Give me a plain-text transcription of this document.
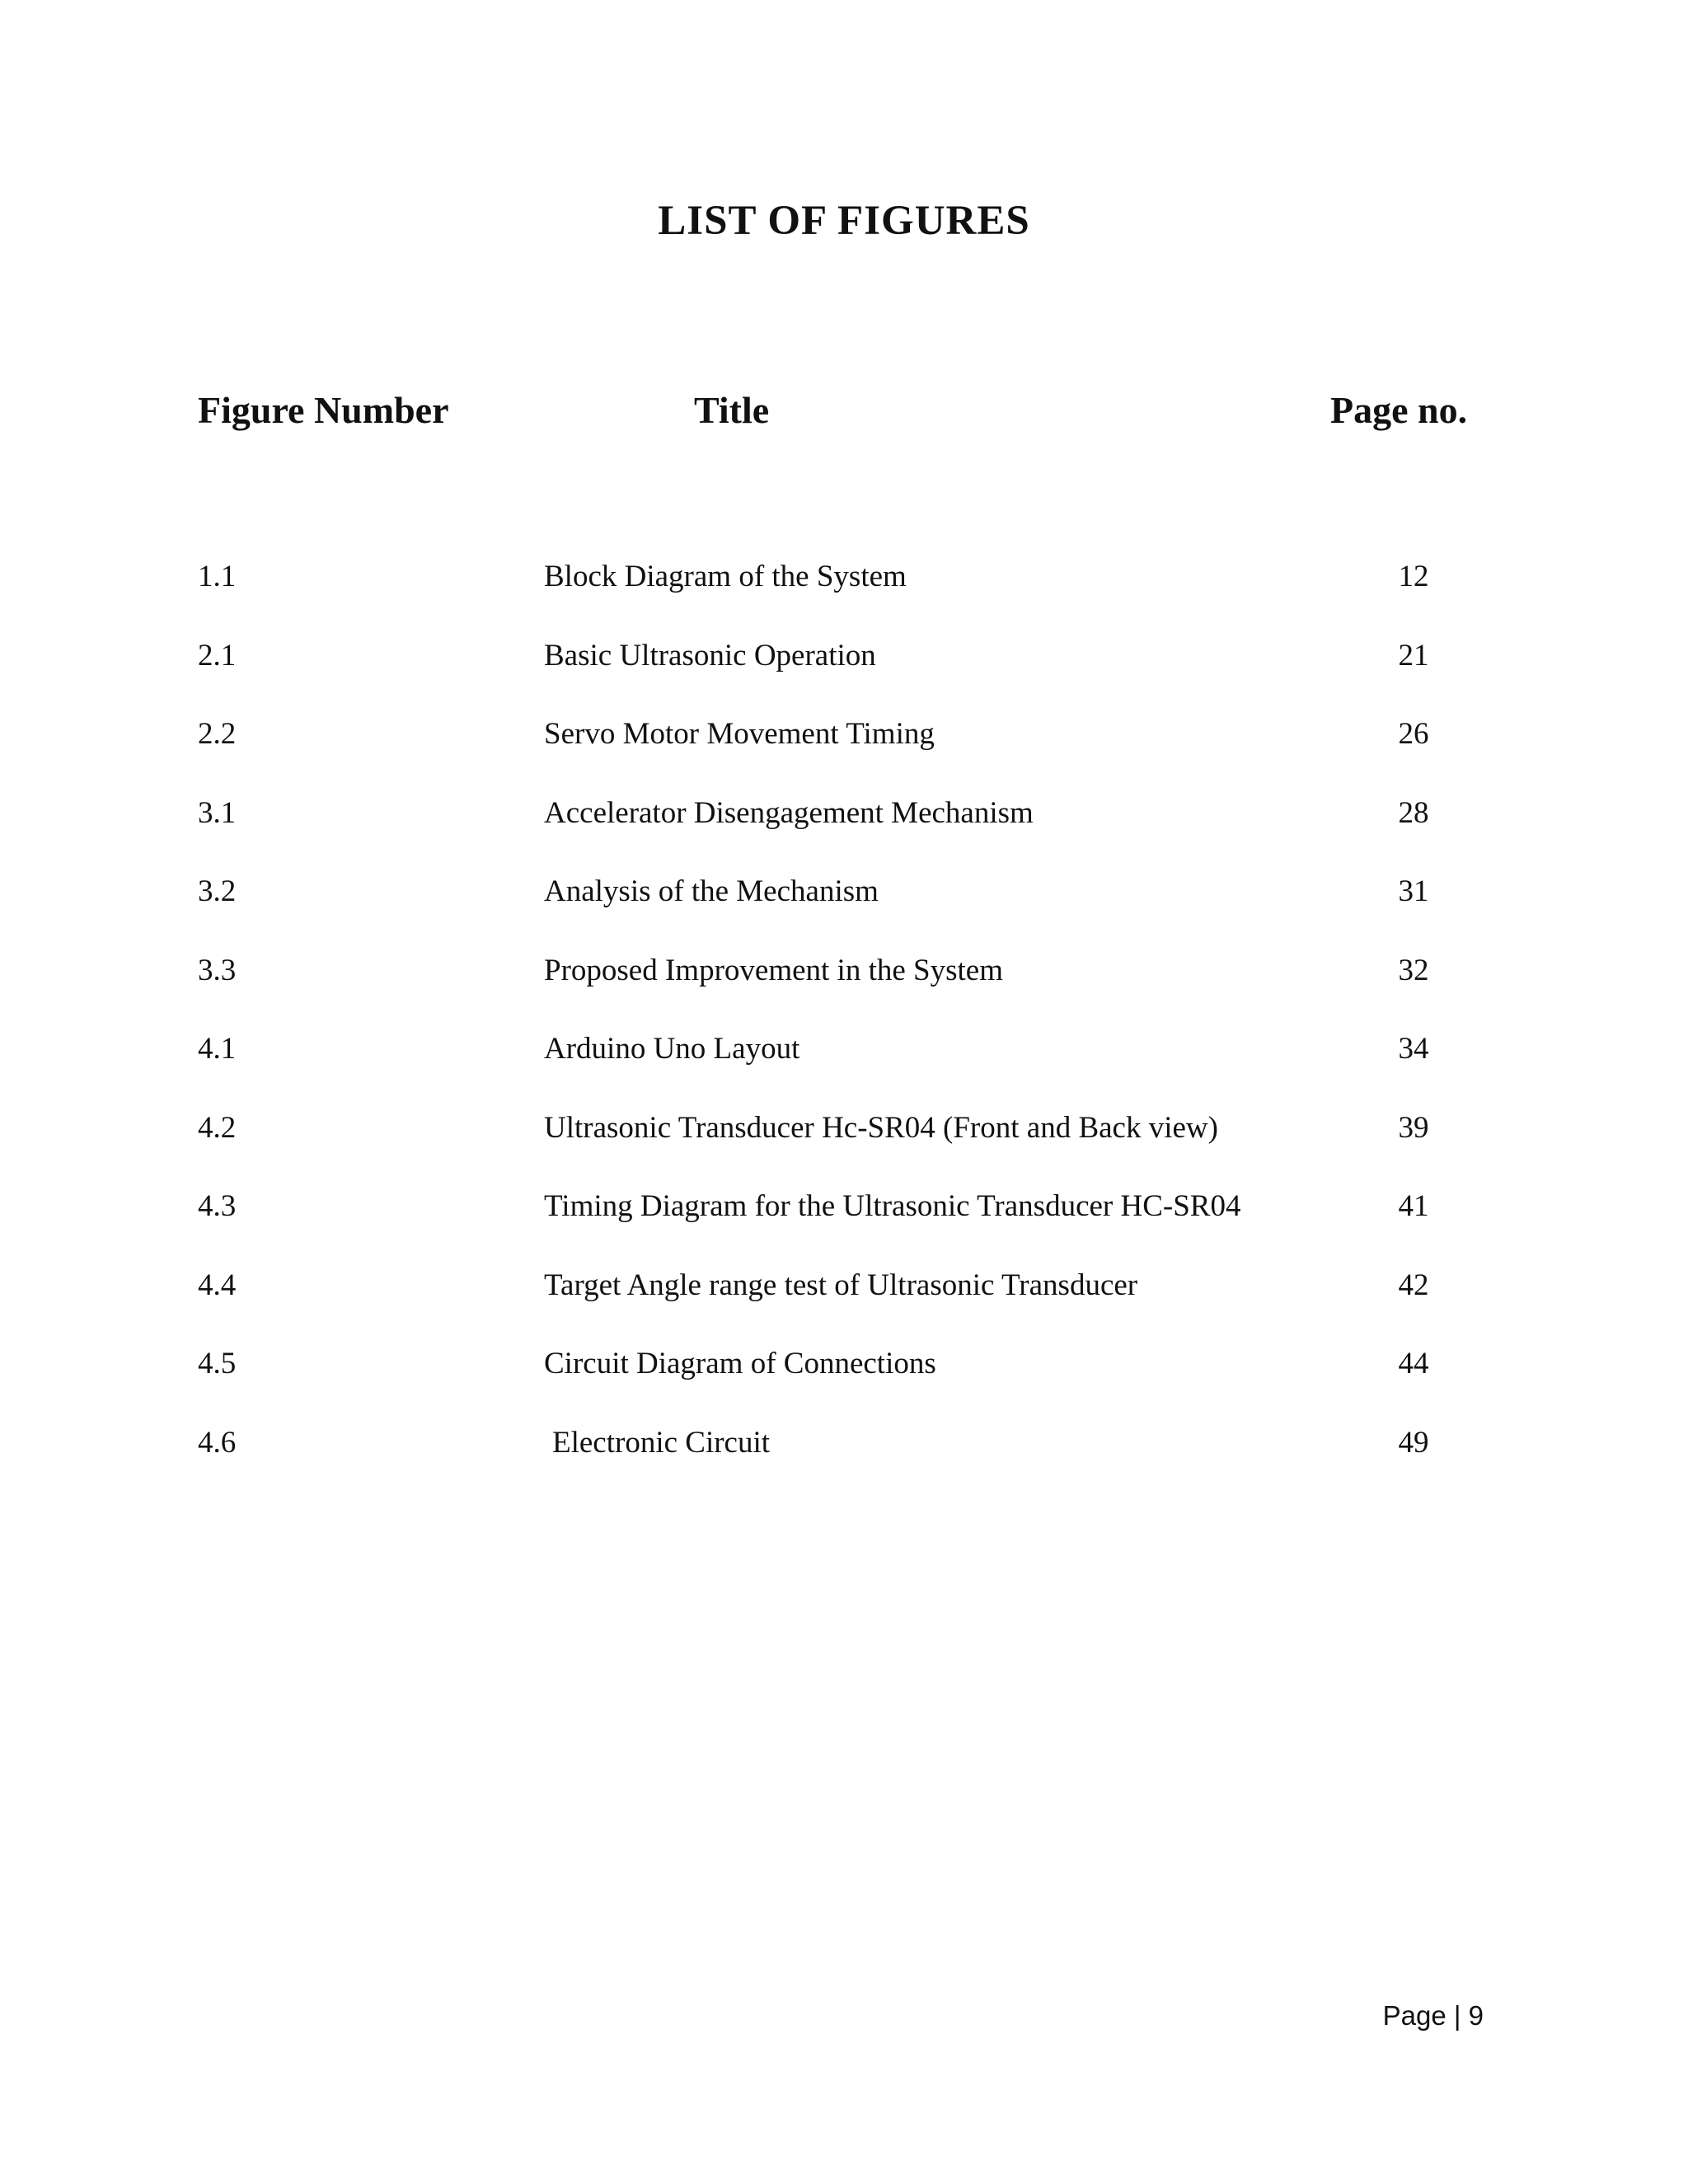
LIST OF FIGURES
Figure Number	Title	Page no.
1.1	Block Diagram of the System	12
2.1	Basic Ultrasonic Operation	21
2.2	Servo Motor Movement Timing	26
3.1	Accelerator Disengagement Mechanism	28
3.2	Analysis of the Mechanism	31
3.3	Proposed Improvement in the System	32
4.1	Arduino Uno Layout	34
4.2	Ultrasonic Transducer Hc-SR04 (Front and Back view)	39
4.3	Timing Diagram for the Ultrasonic Transducer HC-SR04	41
4.4	Target Angle range test of Ultrasonic Transducer	42
4.5	Circuit Diagram of Connections	44
4.6	Electronic Circuit	49
Page | 9
